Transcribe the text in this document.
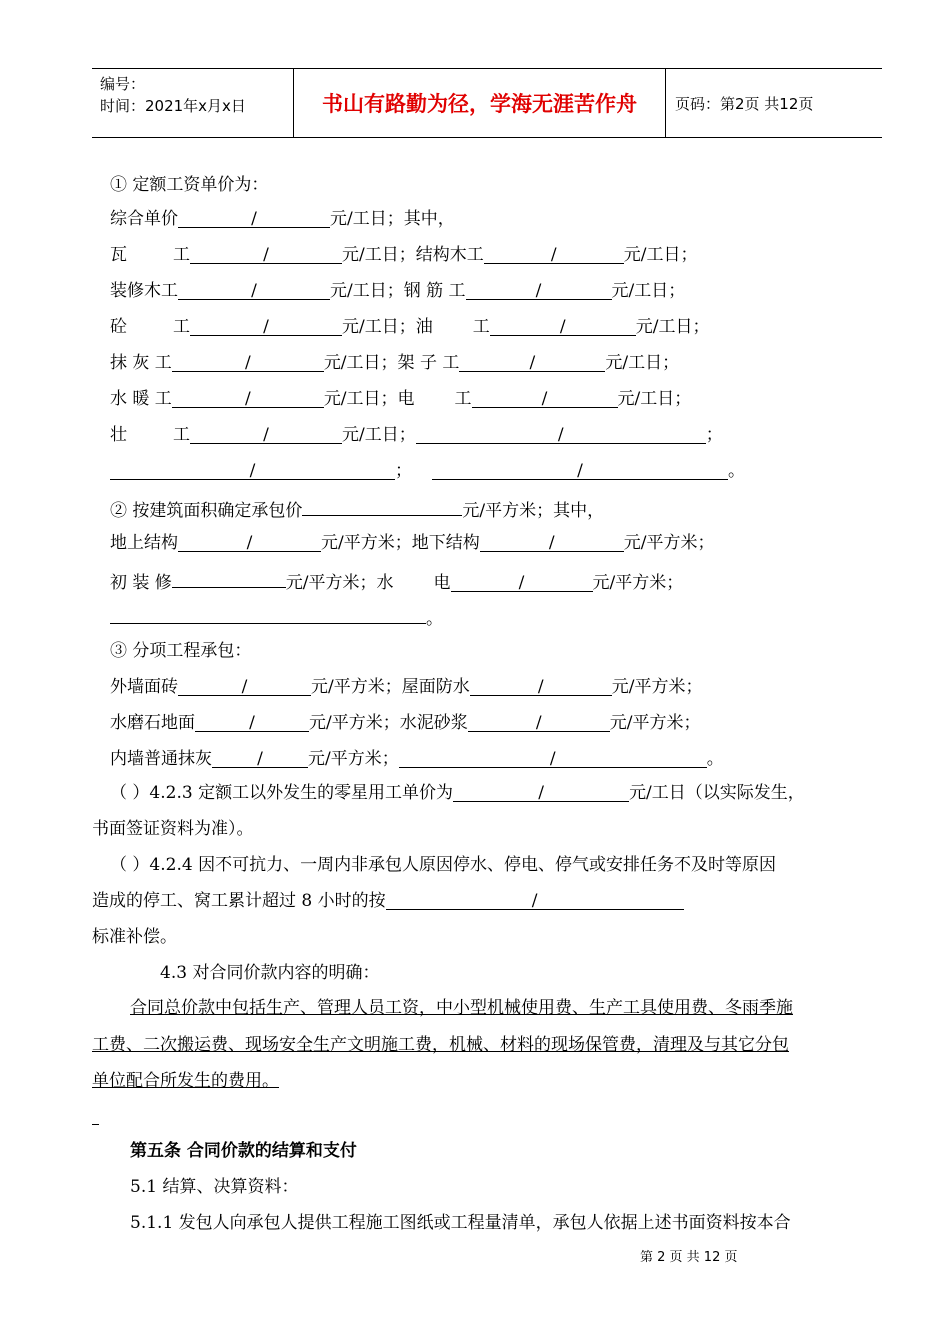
编号：
时间：2021年x月x日	书山有路勤为径，学海无涯苦作舟	页码：第2页 共12页
① 定额工资单价为：
综合单价	/	元/工日；其中，
瓦	工	/	元/工日；结构木工	/	元/工日；
装修木工	/	元/工日；钢 筋 工	/	元/工日；
砼	工	/	元/工日；油 工	/	元/工日；
抹 灰 工	/	元/工日；架 子 工	/	元/工日；
水 暖 工	/	元/工日；电 工	/	元/工日；
壮	工	/	元/工日；	/	；
/	；	/	。
② 按建筑面积确定承包价	元/平方米；其中，
地上结构	/	元/平方米；地下结构	/	元/平方米；
初 装 修	元/平方米；水 电	/	元/平方米；
。
③ 分项工程承包：
外墙面砖	/	元/平方米；屋面防水	/	元/平方米；
水磨石地面	/	元/平方米；水泥砂浆	/	元/平方米；
内墙普通抹灰	/	元/平方米；	/	。
（ ）4.2.3 定额工以外发生的零星用工单价为	/	元/工日（以实际发生，
书面签证资料为准）。
（ ）4.2.4 因不可抗力、一周内非承包人原因停水、停电、停气或安排任务不及时等原因
造成的停工、窝工累计超过 8 小时的按	/
标准补偿。
4.3 对合同价款内容的明确：
合同总价款中包括生产、管理人员工资，中小型机械使用费、生产工具使用费、冬雨季施
工费、二次搬运费、现场安全生产文明施工费，机械、材料的现场保管费，清理及与其它分包
单位配合所发生的费用。
第五条 合同价款的结算和支付
5.1 结算、决算资料：
5.1.1 发包人向承包人提供工程施工图纸或工程量清单，承包人依据上述书面资料按本合
第 2 页 共 12 页
